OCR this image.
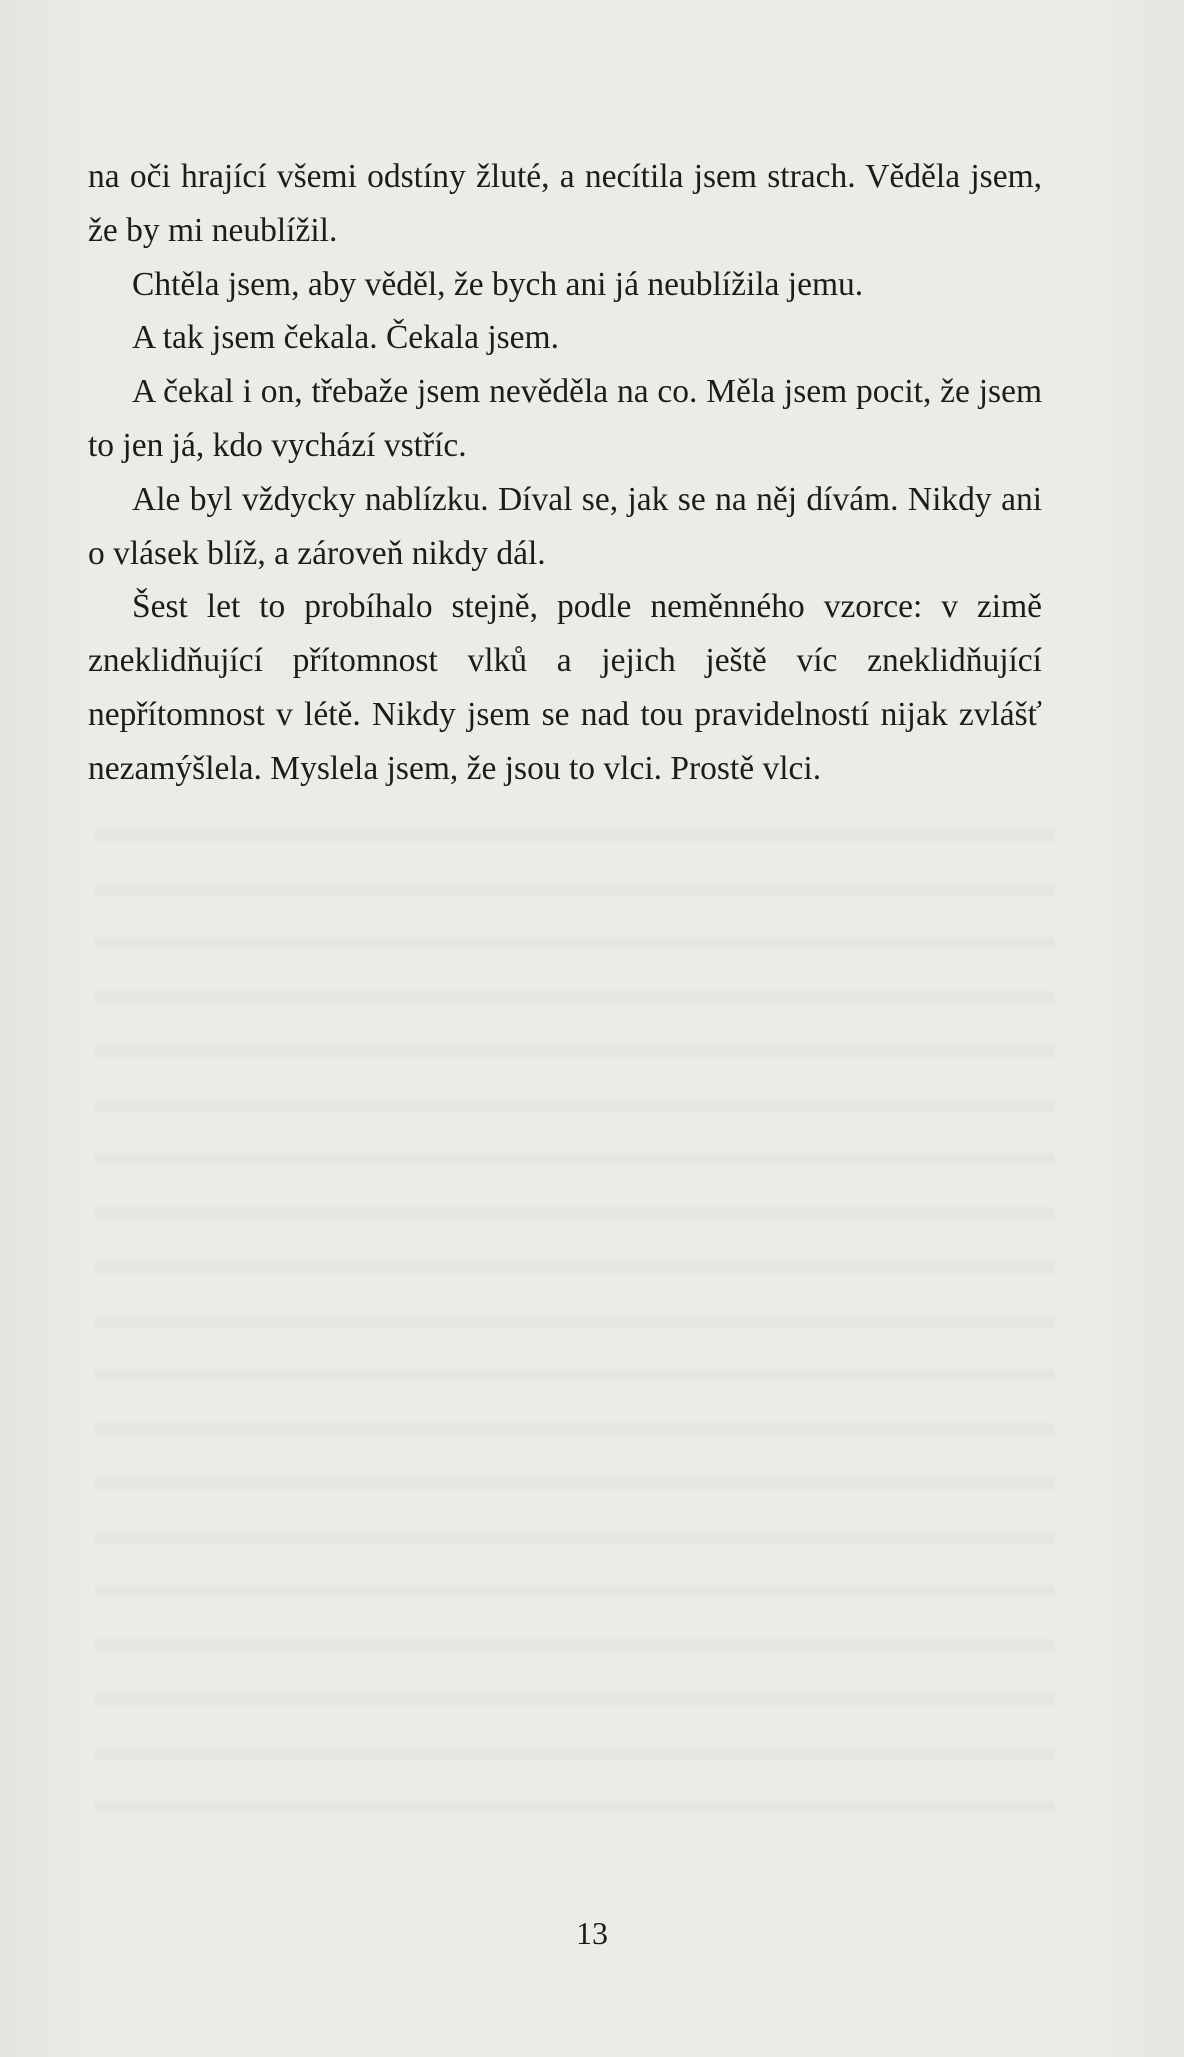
na oči hrající všemi odstíny žluté, a necítila jsem strach. Věděla jsem, že by mi neublížil.

Chtěla jsem, aby věděl, že bych ani já neublížila jemu.

A tak jsem čekala. Čekala jsem.

A čekal i on, třebaže jsem nevěděla na co. Měla jsem pocit, že jsem to jen já, kdo vychází vstříc.

Ale byl vždycky nablízku. Díval se, jak se na něj dívám. Nikdy ani o vlásek blíž, a zároveň nikdy dál.

Šest let to probíhalo stejně, podle neměnného vzorce: v zimě zneklidňující přítomnost vlků a jejich ještě víc zneklidňující nepřítomnost v létě. Nikdy jsem se nad tou pravidelností nijak zvlášť nezamýšlela. Myslela jsem, že jsou to vlci. Prostě vlci.

13
